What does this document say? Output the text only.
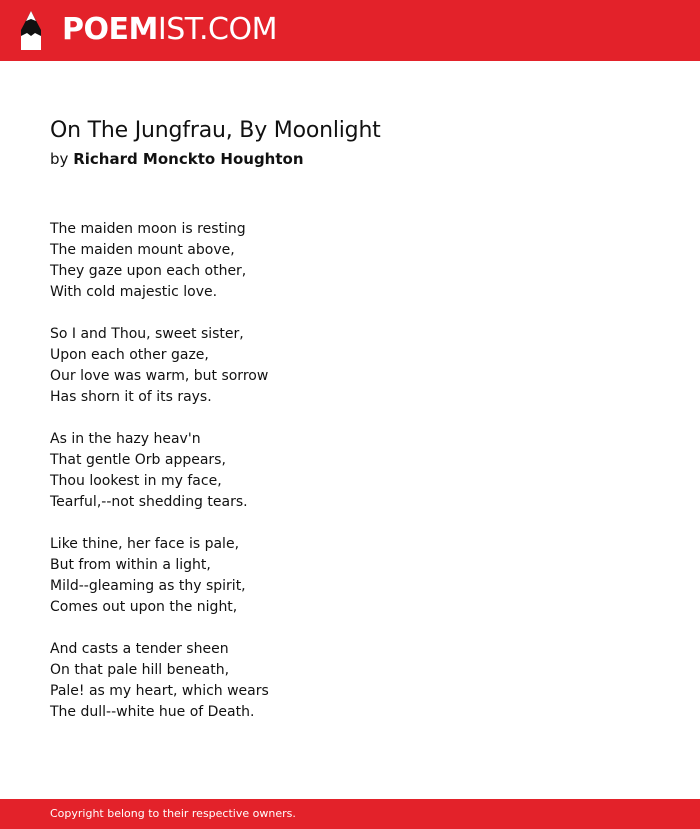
POEMIST.COM
On The Jungfrau, By Moonlight
by Richard Monckto Houghton
The maiden moon is resting
The maiden mount above,
They gaze upon each other,
With cold majestic love.
So I and Thou, sweet sister,
Upon each other gaze,
Our love was warm, but sorrow
Has shorn it of its rays.
As in the hazy heav'n
That gentle Orb appears,
Thou lookest in my face,
Tearful,--not shedding tears.
Like thine, her face is pale,
But from within a light,
Mild--gleaming as thy spirit,
Comes out upon the night,
And casts a tender sheen
On that pale hill beneath,
Pale! as my heart, which wears
The dull--white hue of Death.
Copyright belong to their respective owners.
